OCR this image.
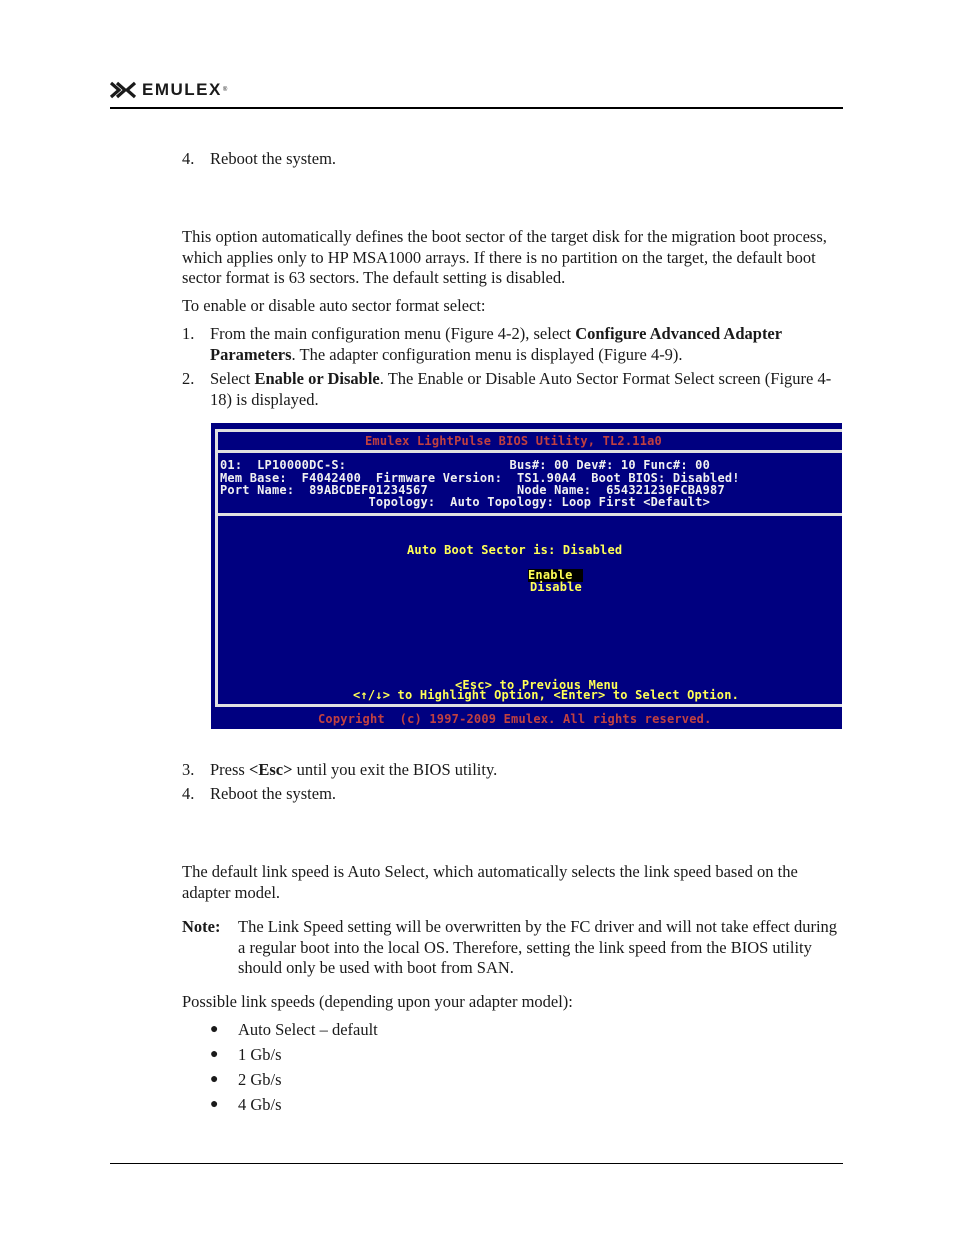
EMULEX ®
4. Reboot the system.

This option automatically defines the boot sector of the target disk for the migration boot process, which applies only to HP MSA1000 arrays. If there is no partition on the target, the default boot sector format is 63 sectors. The default setting is disabled.

To enable or disable auto sector format select:

1. From the main configuration menu (Figure 4-2), select Configure Advanced Adapter Parameters. The adapter configuration menu is displayed (Figure 4-9).

2. Select Enable or Disable. The Enable or Disable Auto Sector Format Select screen (Figure 4-18) is displayed.

Emulex LightPulse BIOS Utility, TL2.11a0
01:  LP10000DC-S:                      Bus#: 00 Dev#: 10 Func#: 00
Mem Base:  F4042400  Firmware Version:  TS1.90A4  Boot BIOS: Disabled!
Port Name:  89ABCDEF01234567            Node Name:  654321230FCBA987
Topology:  Auto Topology: Loop First <Default>
Auto Boot Sector is: Disabled
Enable
Disable
<Esc> to Previous Menu
<↑/↓> to Highlight Option, <Enter> to Select Option.
Copyright  (c) 1997-2009 Emulex. All rights reserved.
3. Press <Esc> until you exit the BIOS utility.

4. Reboot the system.

The default link speed is Auto Select, which automatically selects the link speed based on the adapter model.

Note: The Link Speed setting will be overwritten by the FC driver and will not take effect during a regular boot into the local OS. Therefore, setting the link speed from the BIOS utility should only be used with boot from SAN.

Possible link speeds (depending upon your adapter model):

● Auto Select – default
● 1 Gb/s
● 2 Gb/s
● 4 Gb/s
